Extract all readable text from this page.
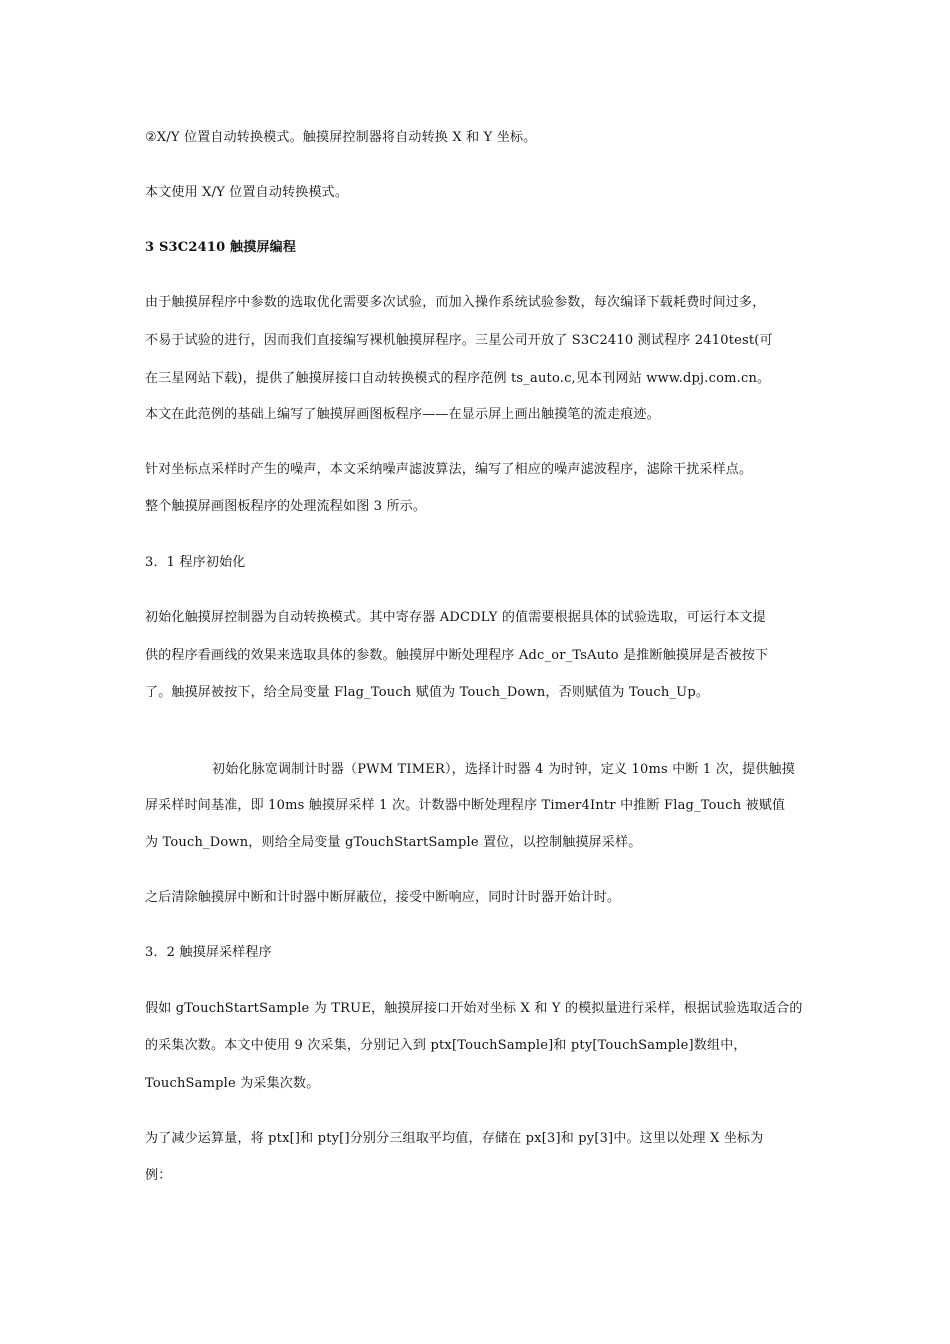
②X/Y 位置自动转换模式。触摸屏控制器将自动转换 X 和 Y 坐标。
本文使用 X/Y 位置自动转换模式。
3 S3C2410 触摸屏编程
由于触摸屏程序中参数的选取优化需要多次试验，而加入操作系统试验参数，每次编译下载耗费时间过多，
不易于试验的进行，因而我们直接编写裸机触摸屏程序。三星公司开放了 S3C2410 测试程序 2410test(可
在三星网站下载)，提供了触摸屏接口自动转换模式的程序范例 ts_auto.c,见本刊网站 www.dpj.com.cn。
本文在此范例的基础上编写了触摸屏画图板程序——在显示屏上画出触摸笔的流走痕迹。
针对坐标点采样时产生的噪声，本文采纳噪声滤波算法，编写了相应的噪声滤波程序，滤除干扰采样点。
整个触摸屏画图板程序的处理流程如图 3 所示。
3．1 程序初始化
初始化触摸屏控制器为自动转换模式。其中寄存器 ADCDLY 的值需要根据具体的试验选取，可运行本文提
供的程序看画线的效果来选取具体的参数。触摸屏中断处理程序 Adc_or_TsAuto 是推断触摸屏是否被按下
了。触摸屏被按下，给全局变量 Flag_Touch 赋值为 Touch_Down，否则赋值为 Touch_Up。
初始化脉宽调制计时器（PWM TIMER），选择计时器 4 为时钟，定义 10ms 中断 1 次，提供触摸
屏采样时间基准，即 10ms 触摸屏采样 1 次。计数器中断处理程序 Timer4Intr 中推断 Flag_Touch 被赋值
为 Touch_Down，则给全局变量 gTouchStartSample 置位，以控制触摸屏采样。
之后清除触摸屏中断和计时器中断屏蔽位，接受中断响应，同时计时器开始计时。
3．2 触摸屏采样程序
假如 gTouchStartSample 为 TRUE，触摸屏接口开始对坐标 X 和 Y 的模拟量进行采样，根据试验选取适合的
的采集次数。本文中使用 9 次采集，分别记入到 ptx[TouchSample]和 pty[TouchSample]数组中，
TouchSample 为采集次数。
为了减少运算量，将 ptx[]和 pty[]分别分三组取平均值，存储在 px[3]和 py[3]中。这里以处理 X 坐标为
例：
